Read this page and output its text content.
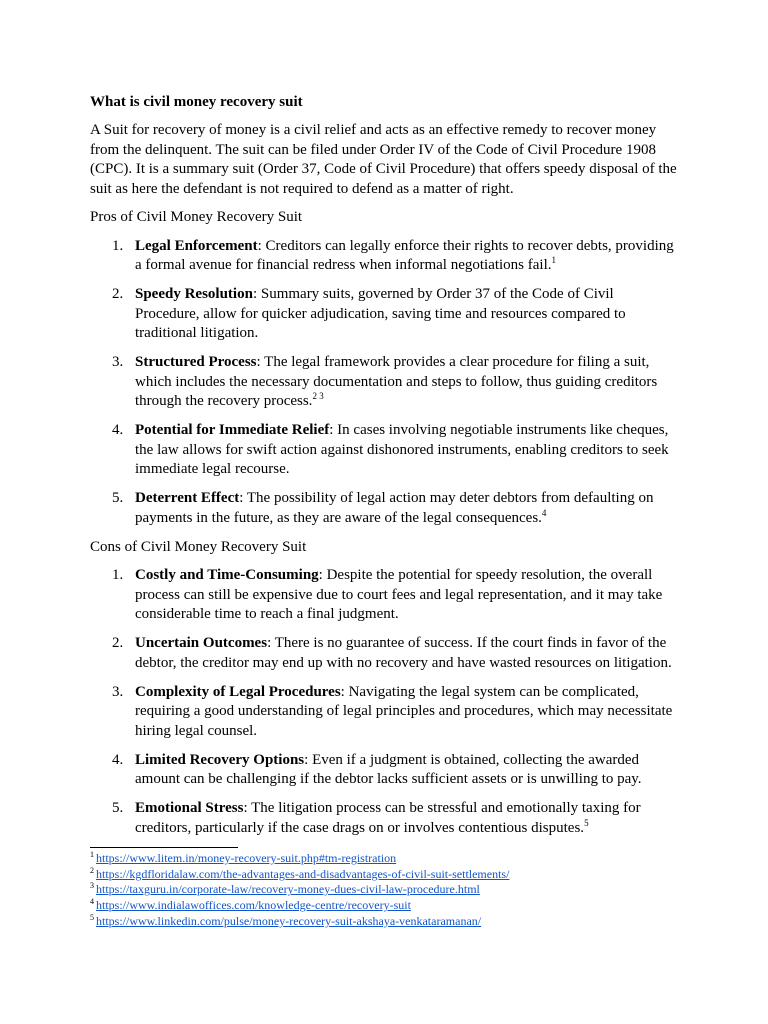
What is civil money recovery suit
A Suit for recovery of money is a civil relief and acts as an effective remedy to recover money from the delinquent. The suit can be filed under Order IV of the Code of Civil Procedure 1908 (CPC). It is a summary suit (Order 37, Code of Civil Procedure) that offers speedy disposal of the suit as here the defendant is not required to defend as a matter of right.
Pros of Civil Money Recovery Suit
1. Legal Enforcement: Creditors can legally enforce their rights to recover debts, providing a formal avenue for financial redress when informal negotiations fail.$^1$
2. Speedy Resolution: Summary suits, governed by Order 37 of the Code of Civil Procedure, allow for quicker adjudication, saving time and resources compared to traditional litigation.
3. Structured Process: The legal framework provides a clear procedure for filing a suit, which includes the necessary documentation and steps to follow, thus guiding creditors through the recovery process.$^{2 3}$
4. Potential for Immediate Relief: In cases involving negotiable instruments like cheques, the law allows for swift action against dishonored instruments, enabling creditors to seek immediate legal recourse.
5. Deterrent Effect: The possibility of legal action may deter debtors from defaulting on payments in the future, as they are aware of the legal consequences.$^4$
Cons of Civil Money Recovery Suit
1. Costly and Time-Consuming: Despite the potential for speedy resolution, the overall process can still be expensive due to court fees and legal representation, and it may take considerable time to reach a final judgment.
2. Uncertain Outcomes: There is no guarantee of success. If the court finds in favor of the debtor, the creditor may end up with no recovery and have wasted resources on litigation.
3. Complexity of Legal Procedures: Navigating the legal system can be complicated, requiring a good understanding of legal principles and procedures, which may necessitate hiring legal counsel.
4. Limited Recovery Options: Even if a judgment is obtained, collecting the awarded amount can be challenging if the debtor lacks sufficient assets or is unwilling to pay.
5. Emotional Stress: The litigation process can be stressful and emotionally taxing for creditors, particularly if the case drags on or involves contentious disputes.$^5$
$^1$ https://www.litem.in/money-recovery-suit.php#tm-registration
$^2$ https://kgdfloridalaw.com/the-advantages-and-disadvantages-of-civil-suit-settlements/
$^3$ https://taxguru.in/corporate-law/recovery-money-dues-civil-law-procedure.html
$^4$ https://www.indialawoffices.com/knowledge-centre/recovery-suit
$^5$ https://www.linkedin.com/pulse/money-recovery-suit-akshaya-venkataramanan/
